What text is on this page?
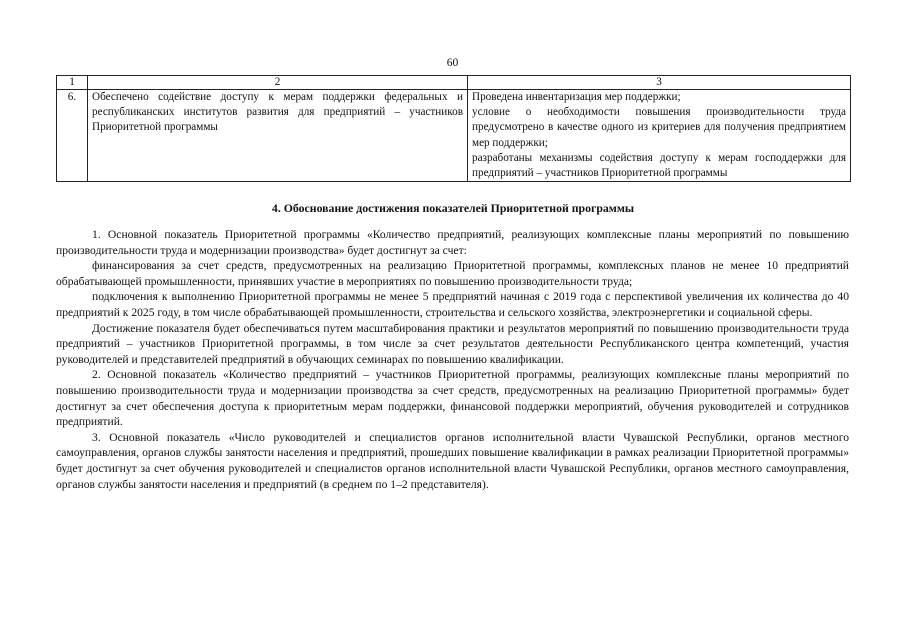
60
1	2	3
6.	Обеспечено содействие доступу к мерам поддержки федеральных и республиканских институтов развития для предприятий – участников Приоритетной программы	Проведена инвентаризация мер поддержки;
условие о необходимости повышения производительности труда предусмотрено в качестве одного из критериев для получения предприятием мер поддержки;
разработаны механизмы содействия доступу к мерам господдержки для предприятий – участников Приоритетной программы
4. Обоснование достижения показателей Приоритетной программы

1. Основной показатель Приоритетной программы «Количество предприятий, реализующих комплексные планы мероприятий по повышению производительности труда и модернизации производства» будет достигнут за счет:

финансирования за счет средств, предусмотренных на реализацию Приоритетной программы, комплексных планов не менее 10 предприятий обрабатывающей промышленности, принявших участие в мероприятиях по повышению производительности труда;

подключения к выполнению Приоритетной программы не менее 5 предприятий начиная с 2019 года с перспективой увеличения их количества до 40 предприятий к 2025 году, в том числе обрабатывающей промышленности, строительства и сельского хозяйства, электроэнергетики и социальной сферы.

Достижение показателя будет обеспечиваться путем масштабирования практики и результатов мероприятий по повышению производительности труда предприятий – участников Приоритетной программы, в том числе за счет результатов деятельности Республиканского центра компетенций, участия руководителей и представителей предприятий в обучающих семинарах по повышению квалификации.

2. Основной показатель «Количество предприятий – участников Приоритетной программы, реализующих комплексные планы мероприятий по повышению производительности труда и модернизации производства за счет средств, предусмотренных на реализацию Приоритетной программы» будет достигнут за счет обеспечения доступа к приоритетным мерам поддержки, финансовой поддержки мероприятий, обучения руководителей и сотрудников предприятий.

3. Основной показатель «Число руководителей и специалистов органов исполнительной власти Чувашской Республики, органов местного самоуправления, органов службы занятости населения и предприятий, прошедших повышение квалификации в рамках реализации Приоритетной программы» будет достигнут за счет обучения руководителей и специалистов органов исполнительной власти Чувашской Республики, органов местного самоуправления, органов службы занятости населения и предприятий (в среднем по 1–2 представителя).
